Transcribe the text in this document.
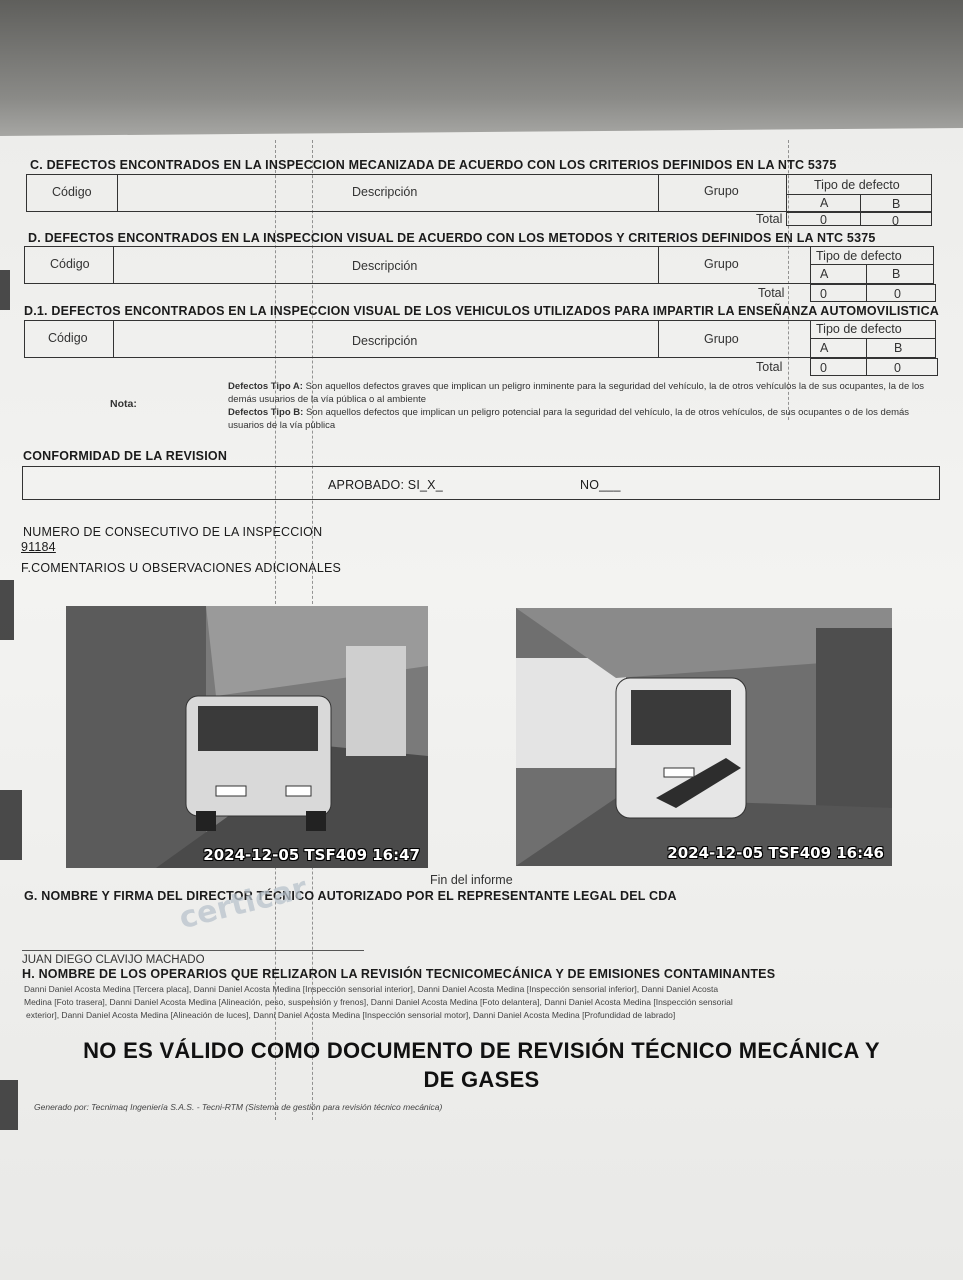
C. DEFECTOS ENCONTRADOS EN LA INSPECCION MECANIZADA DE ACUERDO CON LOS CRITERIOS DEFINIDOS EN LA NTC 5375
Código	Descripción	Grupo	Tipo de defecto
A	B
Total	0	0
D. DEFECTOS ENCONTRADOS EN LA INSPECCION VISUAL DE ACUERDO CON LOS METODOS Y CRITERIOS DEFINIDOS EN LA NTC 5375
Código	Descripción	Grupo
Tipo de defecto
A	B
Total	0	0
D.1. DEFECTOS ENCONTRADOS EN LA INSPECCION VISUAL DE LOS VEHICULOS UTILIZADOS PARA IMPARTIR LA ENSEÑANZA AUTOMOVILISTICA
Código	Descripción	Grupo
Tipo de defecto
A	B
Total	0	0
Nota:
Defectos Tipo A: Son aquellos defectos graves que implican un peligro inminente para la seguridad del vehículo, la de otros vehículos la de sus ocupantes, la de los demás usuarios de la vía pública o al ambiente
Defectos Tipo B: Son aquellos defectos que implican un peligro potencial para la seguridad del vehículo, la de otros vehículos, de sus ocupantes o de los demás usuarios de la vía pública
CONFORMIDAD DE LA REVISION
APROBADO: SI_X_	NO___
NUMERO DE CONSECUTIVO DE LA INSPECCION
91184
F.COMENTARIOS U OBSERVACIONES ADICIONALES
2024-12-05 TSF409 16:47	2024-12-05 TSF409 16:46
Fin del informe
G. NOMBRE Y FIRMA DEL DIRECTOR TÉCNICO AUTORIZADO POR EL REPRESENTANTE LEGAL DEL CDA
certicar
JUAN DIEGO CLAVIJO MACHADO
H. NOMBRE DE LOS OPERARIOS QUE RELIZARON LA REVISIÓN TECNICOMECÁNICA Y DE EMISIONES CONTAMINANTES
Danni Daniel Acosta Medina [Tercera placa], Danni Daniel Acosta Medina [Inspección sensorial interior], Danni Daniel Acosta Medina [Inspección sensorial inferior], Danni Daniel Acosta
Medina [Foto trasera], Danni Daniel Acosta Medina [Alineación, peso, suspensión y frenos], Danni Daniel Acosta Medina [Foto delantera], Danni Daniel Acosta Medina [Inspección sensorial
exterior], Danni Daniel Acosta Medina [Alineación de luces], Danni Daniel Acosta Medina [Inspección sensorial motor], Danni Daniel Acosta Medina [Profundidad de labrado]
NO ES VÁLIDO COMO DOCUMENTO DE REVISIÓN TÉCNICO MECÁNICA Y
DE GASES
Generado por: Tecnimaq Ingeniería S.A.S. - Tecni-RTM (Sistema de gestión para revisión técnico mecánica)
